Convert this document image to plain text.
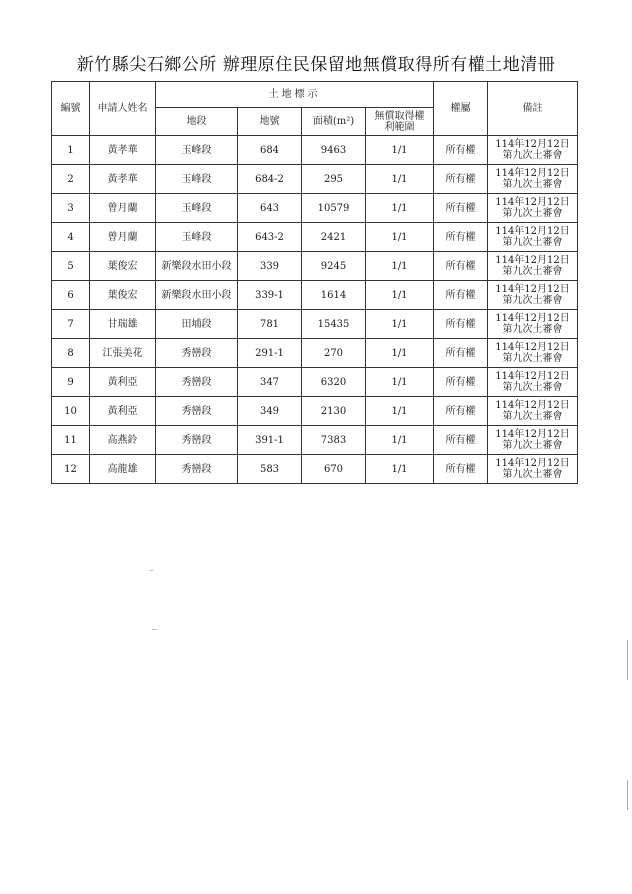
新竹縣尖石鄉公所 辦理原住民保留地無償取得所有權土地清冊
編號	申請人姓名	土地標示				權屬	備註
		地段	地號	面積(m²)	無償取得權
利範圍		

1	黃孝華	玉峰段	684	9463	1/1	所有權	114年12月12日
第九次土審會

2	黃孝華	玉峰段	684-2	295	1/1	所有權	114年12月12日
第九次土審會

3	曾月蘭	玉峰段	643	10579	1/1	所有權	114年12月12日
第九次土審會

4	曾月蘭	玉峰段	643-2	2421	1/1	所有權	114年12月12日
第九次土審會

5	葉俊宏	新樂段水田小段	339	9245	1/1	所有權	114年12月12日
第九次土審會

6	葉俊宏	新樂段水田小段	339-1	1614	1/1	所有權	114年12月12日
第九次土審會

7	甘瑞雄	田埔段	781	15435	1/1	所有權	114年12月12日
第九次土審會

8	江張美花	秀巒段	291-1	270	1/1	所有權	114年12月12日
第九次土審會

9	黃利亞	秀巒段	347	6320	1/1	所有權	114年12月12日
第九次土審會

10	黃利亞	秀巒段	349	2130	1/1	所有權	114年12月12日
第九次土審會

11	高燕鈴	秀巒段	391-1	7383	1/1	所有權	114年12月12日
第九次土審會

12	高龍雄	秀巒段	583	670	1/1	所有權	114年12月12日
第九次土審會
